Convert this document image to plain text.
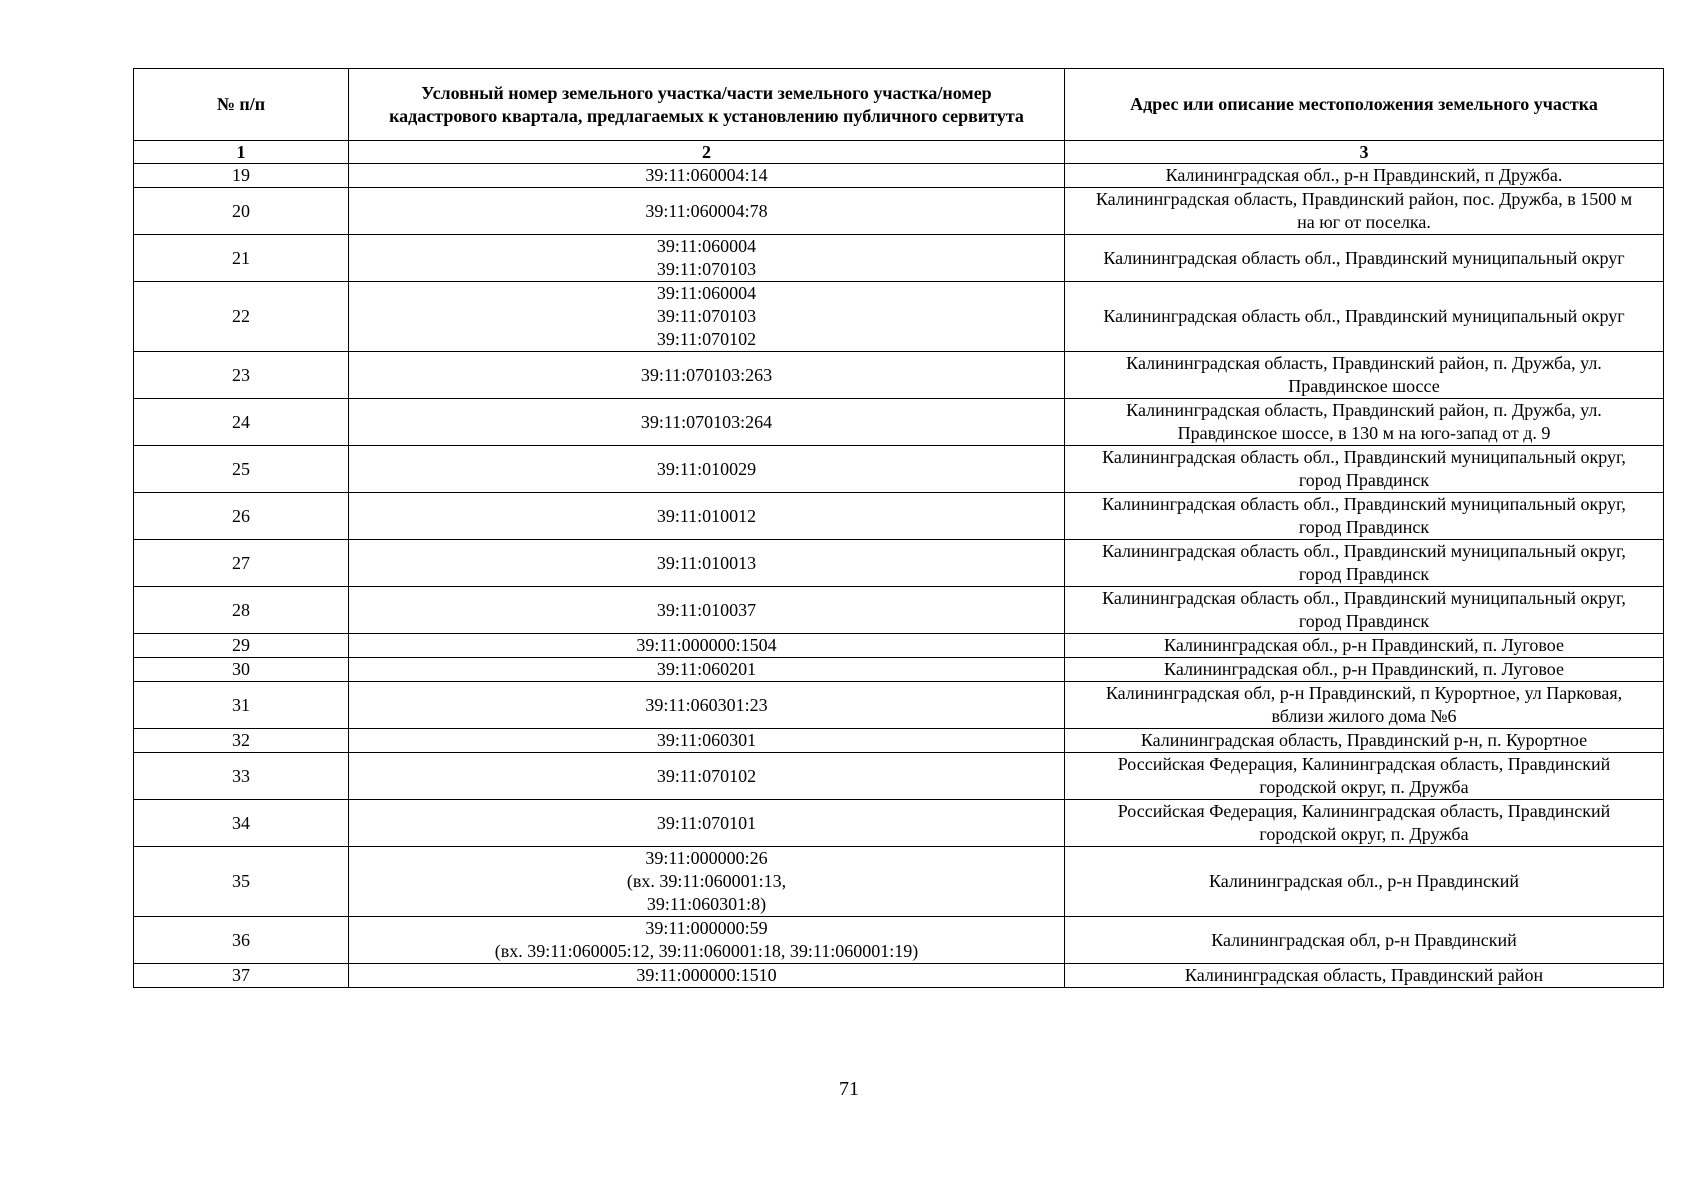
№ п/п	Условный номер земельного участка/части земельного участка/номер кадастрового квартала, предлагаемых к установлению публичного сервитута	Адрес или описание местоположения земельного участка
1	2	3
19	39:11:060004:14	Калининградская обл., р-н Правдинский, п Дружба.
20	39:11:060004:78	Калининградская область, Правдинский район, пос. Дружба, в 1500 м на юг от поселка.
21	39:11:060004
39:11:070103	Калининградская область обл., Правдинский муниципальный округ
22	39:11:060004
39:11:070103
39:11:070102	Калининградская область обл., Правдинский муниципальный округ
23	39:11:070103:263	Калининградская область, Правдинский район, п. Дружба, ул. Правдинское шоссе
24	39:11:070103:264	Калининградская область, Правдинский район, п. Дружба, ул. Правдинское шоссе, в 130 м на юго-запад от д. 9
25	39:11:010029	Калининградская область обл., Правдинский муниципальный округ, город Правдинск
26	39:11:010012	Калининградская область обл., Правдинский муниципальный округ, город Правдинск
27	39:11:010013	Калининградская область обл., Правдинский муниципальный округ, город Правдинск
28	39:11:010037	Калининградская область обл., Правдинский муниципальный округ, город Правдинск
29	39:11:000000:1504	Калининградская обл., р-н Правдинский, п. Луговое
30	39:11:060201	Калининградская обл., р-н Правдинский, п. Луговое
31	39:11:060301:23	Калининградская обл, р-н Правдинский, п Курортное, ул Парковая, вблизи жилого дома №6
32	39:11:060301	Калининградская область, Правдинский р-н, п. Курортное
33	39:11:070102	Российская Федерация, Калининградская область, Правдинский городской округ, п. Дружба
34	39:11:070101	Российская Федерация, Калининградская область, Правдинский городской округ, п. Дружба
35	39:11:000000:26
(вх. 39:11:060001:13,
39:11:060301:8)	Калининградская обл., р-н Правдинский
36	39:11:000000:59
(вх. 39:11:060005:12, 39:11:060001:18, 39:11:060001:19)	Калининградская обл, р-н Правдинский
37	39:11:000000:1510	Калининградская область, Правдинский район
71
